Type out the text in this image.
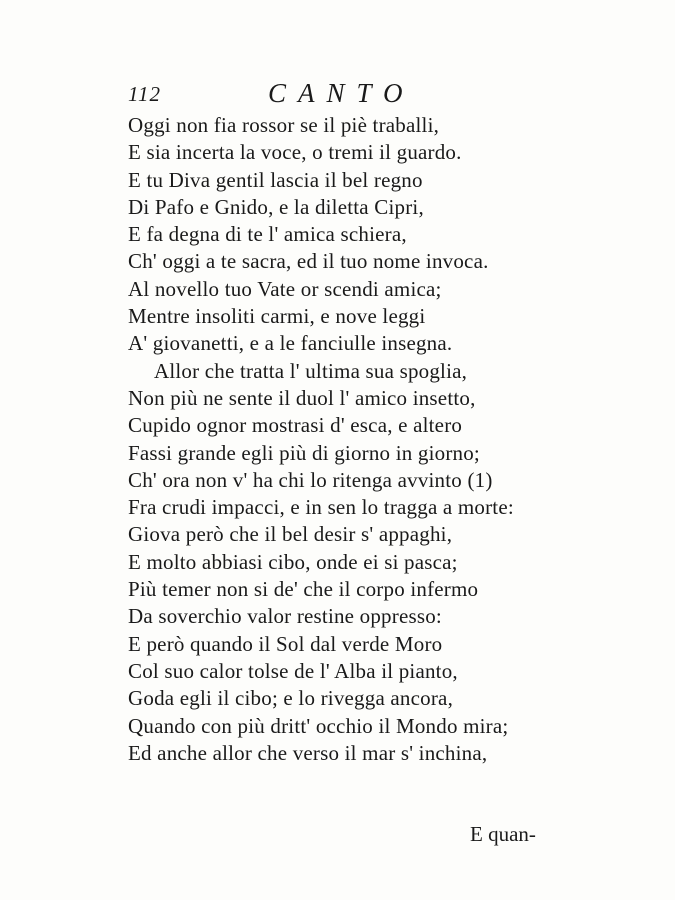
112	CANTO
Oggi non fia rossor se il piè traballi,
E sia incerta la voce, o tremi il guardo.
E tu Diva gentil lascia il bel regno
Di Pafo e Gnido, e la diletta Cipri,
E fa degna di te l' amica schiera,
Ch' oggi a te sacra, ed il tuo nome invoca.
Al novello tuo Vate or scendi amica;
Mentre insoliti carmi, e nove leggi
A' giovanetti, e a le fanciulle insegna.
Allor che tratta l' ultima sua spoglia,
Non più ne sente il duol l' amico insetto,
Cupido ognor mostrasi d' esca, e altero
Fassi grande egli più di giorno in giorno;
Ch' ora non v' ha chi lo ritenga avvinto (1)
Fra crudi impacci, e in sen lo tragga a morte:
Giova però che il bel desir s' appaghi,
E molto abbiasi cibo, onde ei si pasca;
Più temer non si de' che il corpo infermo
Da soverchio valor restine oppresso:
E però quando il Sol dal verde Moro
Col suo calor tolse de l' Alba il pianto,
Goda egli il cibo; e lo rivegga ancora,
Quando con più dritt' occhio il Mondo mira;
Ed anche allor che verso il mar s' inchina,
E quan-
